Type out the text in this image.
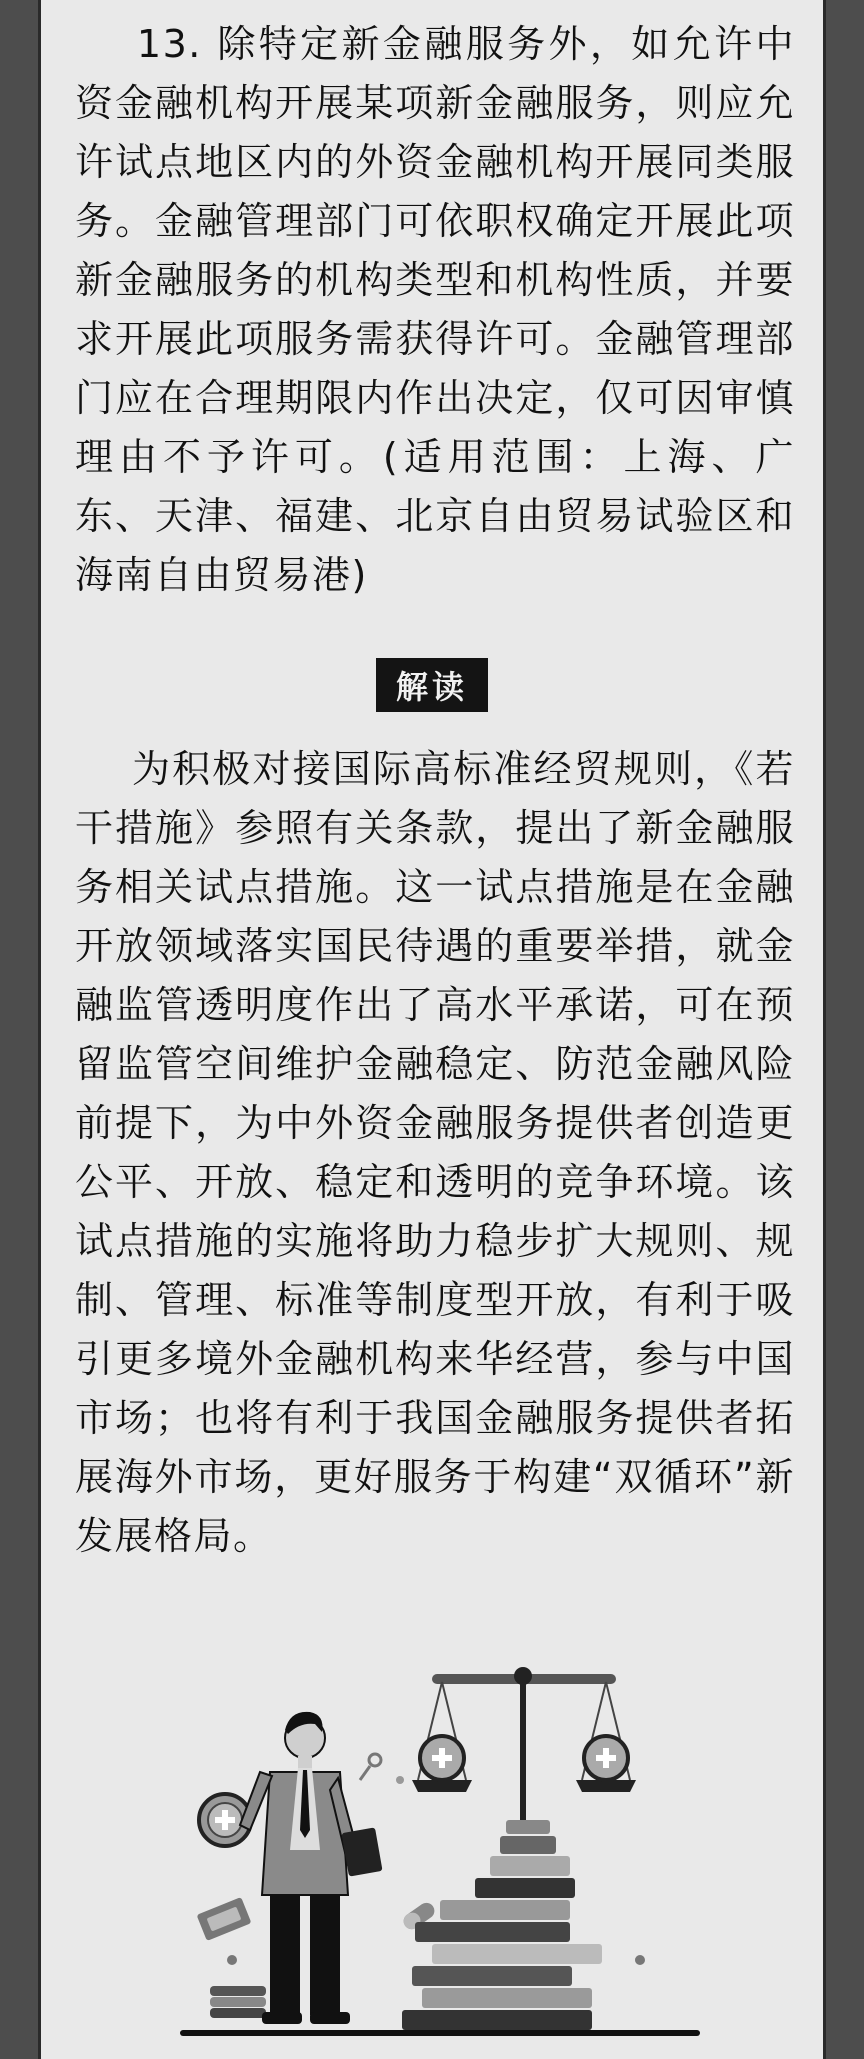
13. 除特定新金融服务外，如允许中资金融机构开展某项新金融服务，则应允许试点地区内的外资金融机构开展同类服务。金融管理部门可依职权确定开展此项新金融服务的机构类型和机构性质，并要求开展此项服务需获得许可。金融管理部门应在合理期限内作出决定，仅可因审慎理由不予许可。(适用范围：上海、广东、天津、福建、北京自由贸易试验区和海南自由贸易港)

解读

为积极对接国际高标准经贸规则，《若干措施》参照有关条款，提出了新金融服务相关试点措施。这一试点措施是在金融开放领域落实国民待遇的重要举措，就金融监管透明度作出了高水平承诺，可在预留监管空间维护金融稳定、防范金融风险前提下，为中外资金融服务提供者创造更公平、开放、稳定和透明的竞争环境。该试点措施的实施将助力稳步扩大规则、规制、管理、标准等制度型开放，有利于吸引更多境外金融机构来华经营，参与中国市场；也将有利于我国金融服务提供者拓展海外市场，更好服务于构建“双循环”新发展格局。
